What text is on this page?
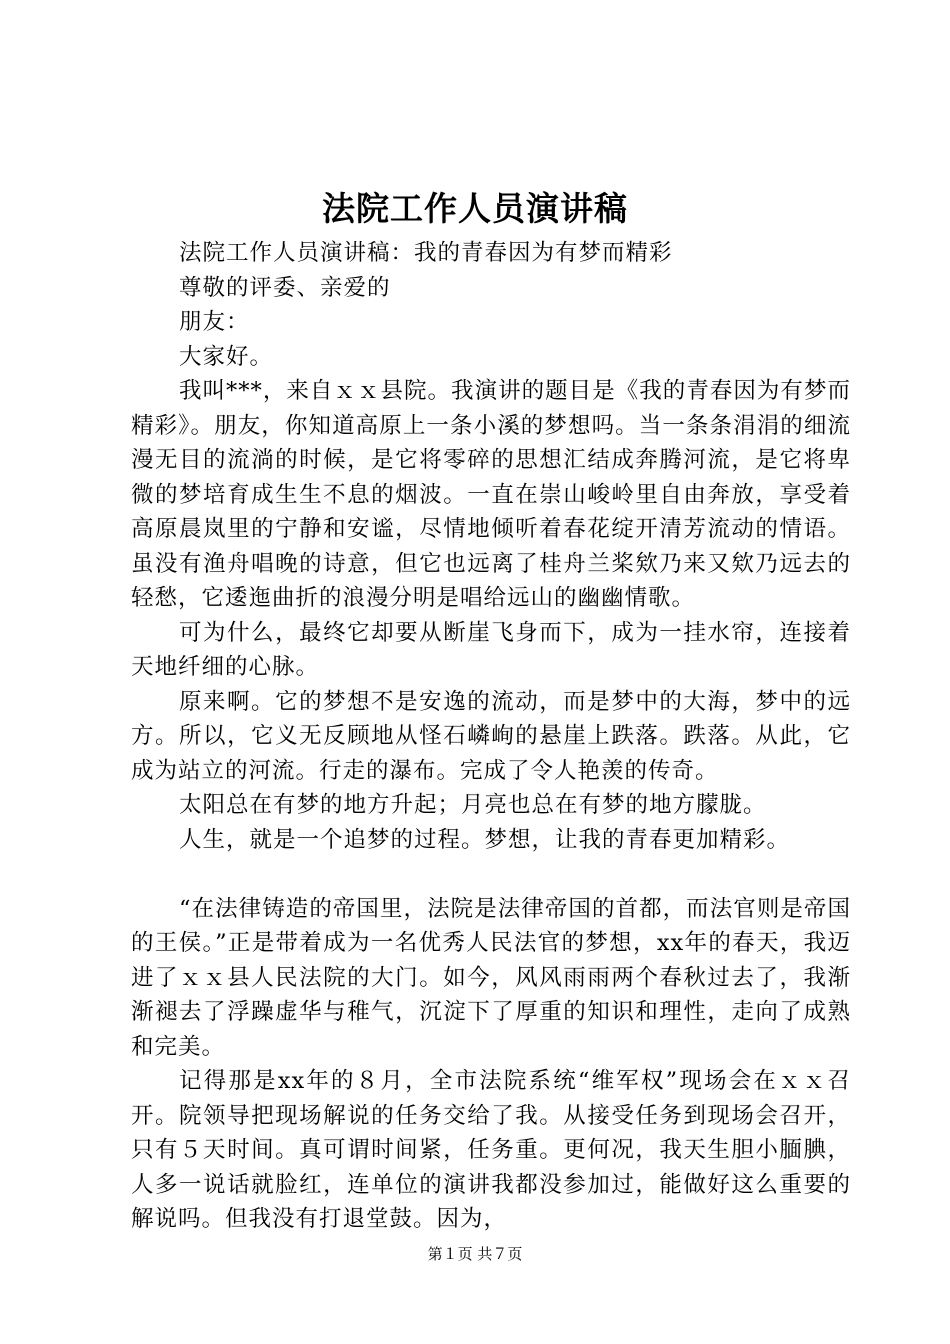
法院工作人员演讲稿

法院工作人员演讲稿：我的青春因为有梦而精彩

尊敬的评委、亲爱的

朋友：

大家好。

我叫***，来自ｘｘ县院。我演讲的题目是《我的青春因为有梦而精彩》。朋友，你知道高原上一条小溪的梦想吗。当一条条涓涓的细流漫无目的流淌的时候，是它将零碎的思想汇结成奔腾河流，是它将卑微的梦培育成生生不息的烟波。一直在崇山峻岭里自由奔放，享受着高原晨岚里的宁静和安谧，尽情地倾听着春花绽开清芳流动的情语。虽没有渔舟唱晚的诗意，但它也远离了桂舟兰桨欸乃来又欸乃远去的轻愁，它逶迤曲折的浪漫分明是唱给远山的幽幽情歌。

可为什么，最终它却要从断崖飞身而下，成为一挂水帘，连接着天地纤细的心脉。

原来啊。它的梦想不是安逸的流动，而是梦中的大海，梦中的远方。所以，它义无反顾地从怪石嶙峋的悬崖上跌落。跌落。从此，它成为站立的河流。行走的瀑布。完成了令人艳羡的传奇。

太阳总在有梦的地方升起；月亮也总在有梦的地方朦胧。

人生，就是一个追梦的过程。梦想，让我的青春更加精彩。

“在法律铸造的帝国里，法院是法律帝国的首都，而法官则是帝国的王侯。”正是带着成为一名优秀人民法官的梦想，xx年的春天，我迈进了ｘｘ县人民法院的大门。如今，风风雨雨两个春秋过去了，我渐渐褪去了浮躁虚华与稚气，沉淀下了厚重的知识和理性，走向了成熟和完美。

记得那是xx年的８月，全市法院系统“维军权”现场会在ｘｘ召开。院领导把现场解说的任务交给了我。从接受任务到现场会召开，只有５天时间。真可谓时间紧，任务重。更何况，我天生胆小腼腆，人多一说话就脸红，连单位的演讲我都没参加过，能做好这么重要的解说吗。但我没有打退堂鼓。因为，

第１页 共７页
